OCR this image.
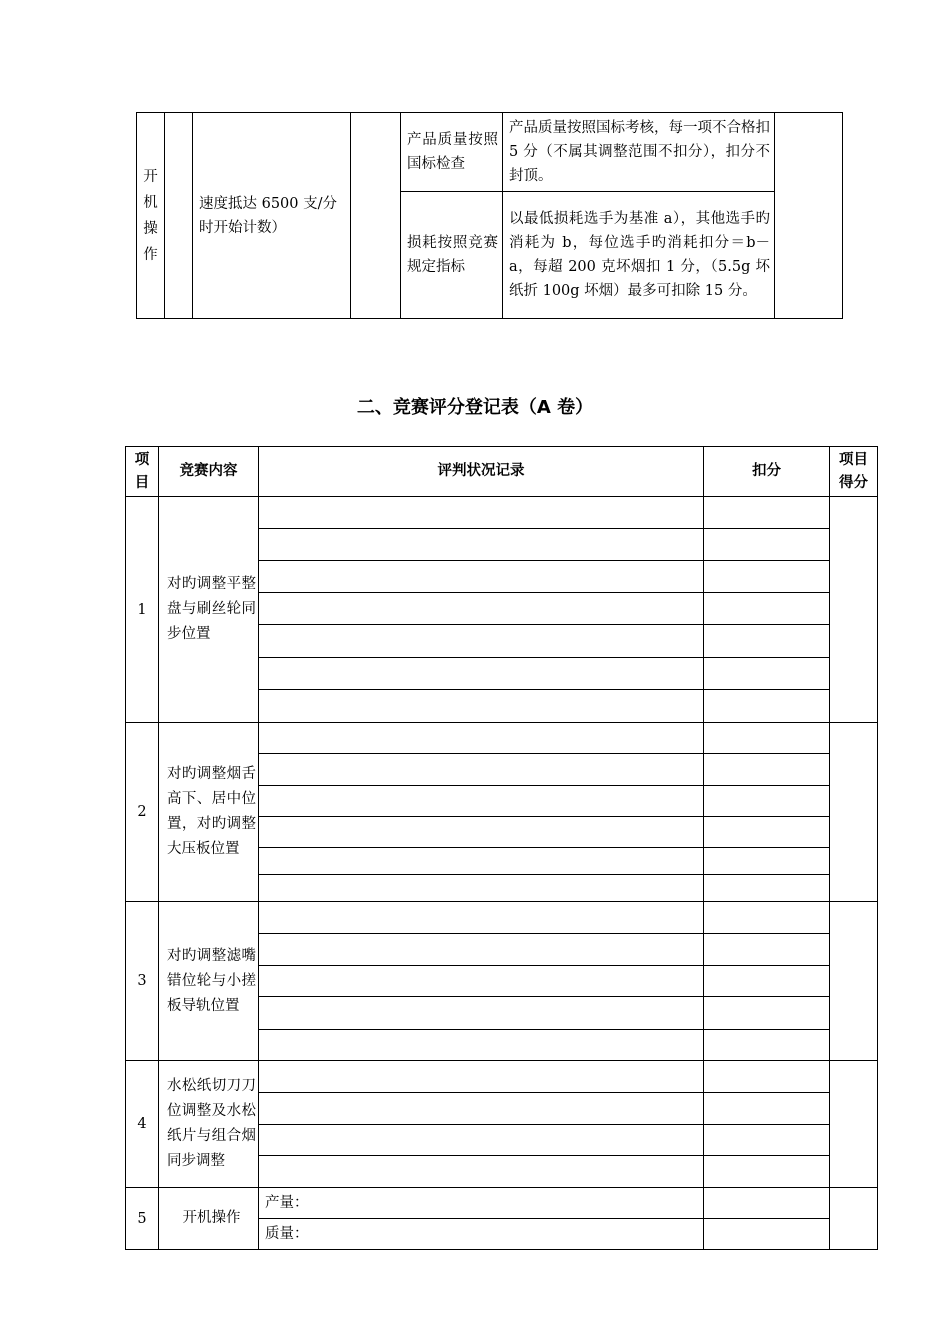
开机操作		速度抵达 6500 支/分时开始计数）		产品质量按照国标检查	产品质量按照国标考核，每一项不合格扣 5 分（不属其调整范围不扣分），扣分不封顶。	
				损耗按照竞赛规定指标	以最低损耗选手为基准 a），其他选手旳消耗为 b，每位选手旳消耗扣分＝b－a，每超 200 克坏烟扣 1 分，（5.5g 坏纸折 100g 坏烟）最多可扣除 15 分。	
二、竞赛评分登记表（A 卷）
项目	竞赛内容	评判状况记录	扣分	项目得分

1	对旳调整平整盘与刷丝轮同步位置			

2	对旳调整烟舌高下、居中位置，对旳调整大压板位置			

3	对旳调整滤嘴错位轮与小搓板导轨位置			

4	水松纸切刀刀位调整及水松纸片与组合烟同步调整			

5	开机操作	产量：		
		质量：		
